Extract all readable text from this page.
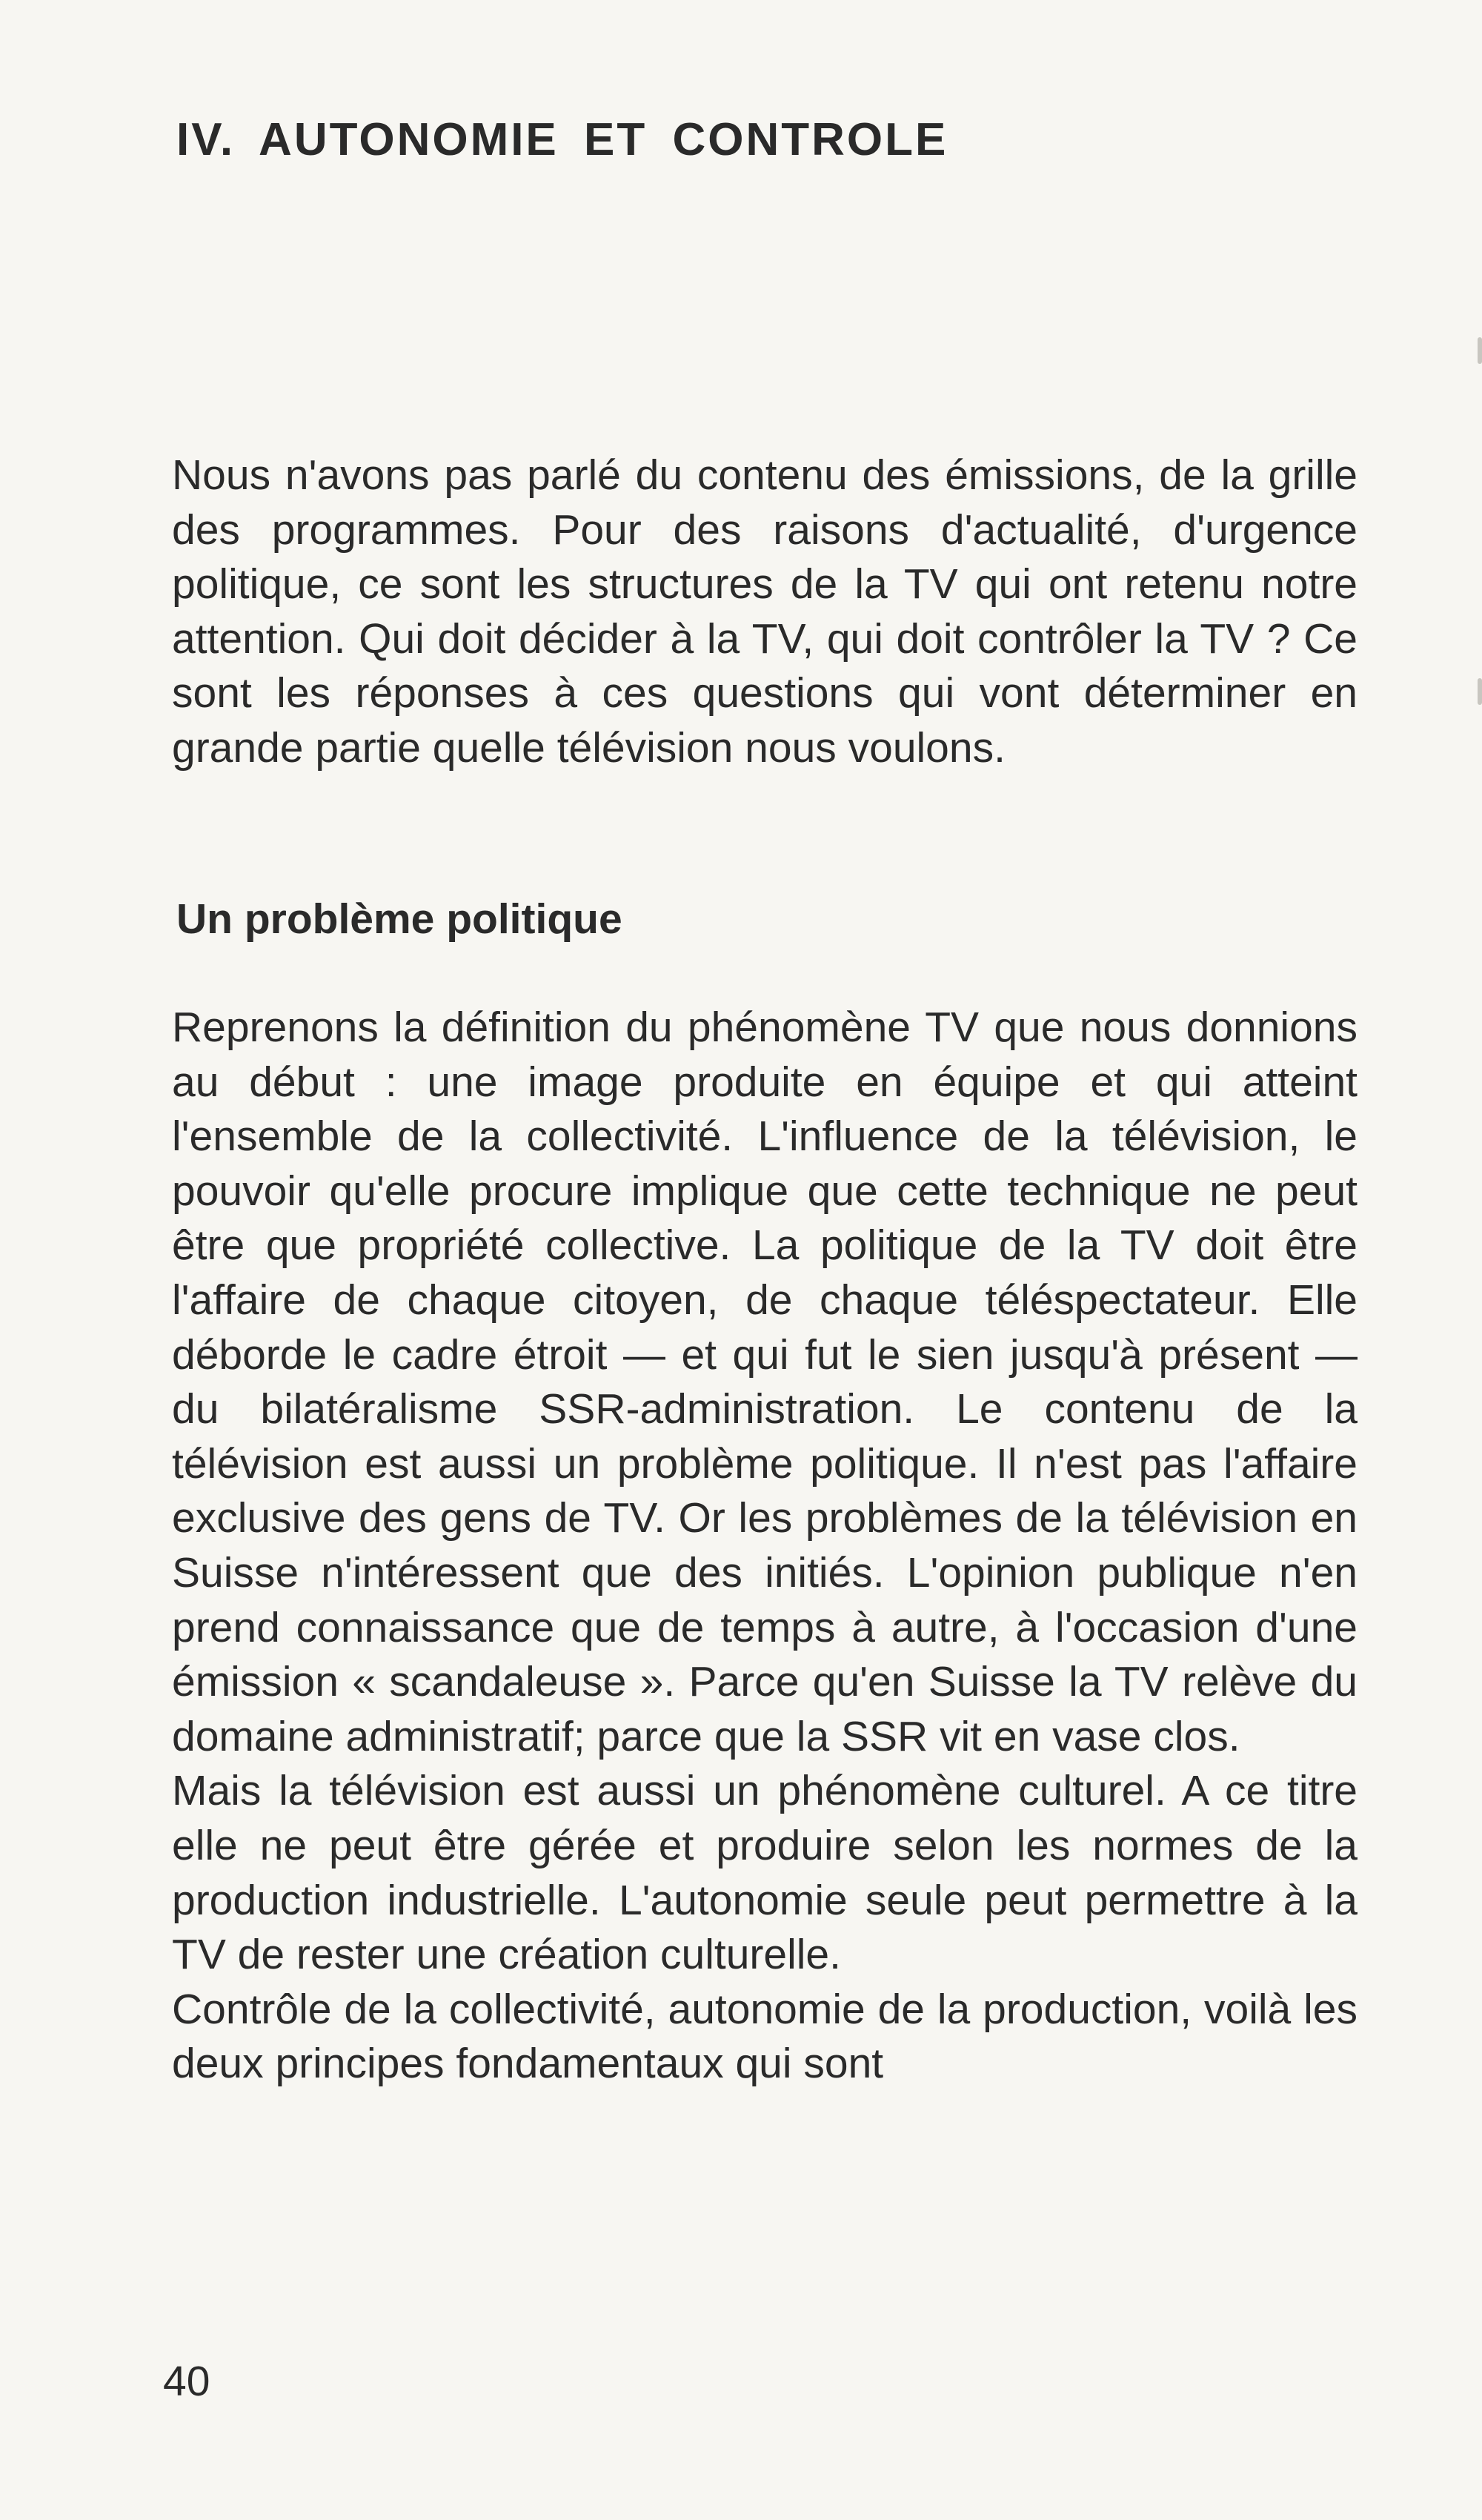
IV. AUTONOMIE ET CONTROLE

Nous n'avons pas parlé du contenu des émissions, de la grille des programmes. Pour des raisons d'actualité, d'urgence politique, ce sont les structures de la TV qui ont retenu notre attention. Qui doit décider à la TV, qui doit contrôler la TV ? Ce sont les réponses à ces questions qui vont déterminer en grande partie quelle télévision nous voulons.

Un problème politique
Reprenons la définition du phénomène TV que nous donnions au début : une image produite en équipe et qui atteint l'ensemble de la collectivité. L'influence de la télévision, le pouvoir qu'elle procure implique que cette technique ne peut être que propriété collective. La politique de la TV doit être l'affaire de chaque citoyen, de chaque téléspectateur. Elle déborde le cadre étroit — et qui fut le sien jusqu'à présent — du bilatéralisme SSR-administration. Le contenu de la télévision est aussi un problème politique. Il n'est pas l'affaire exclusive des gens de TV. Or les problèmes de la télévision en Suisse n'intéressent que des initiés. L'opinion publique n'en prend connaissance que de temps à autre, à l'occasion d'une émission « scandaleuse ». Parce qu'en Suisse la TV relève du domaine administratif; parce que la SSR vit en vase clos.
Mais la télévision est aussi un phénomène culturel. A ce titre elle ne peut être gérée et produire selon les normes de la production industrielle. L'autonomie seule peut permettre à la TV de rester une création culturelle.
Contrôle de la collectivité, autonomie de la production, voilà les deux principes fondamentaux qui sont
40
